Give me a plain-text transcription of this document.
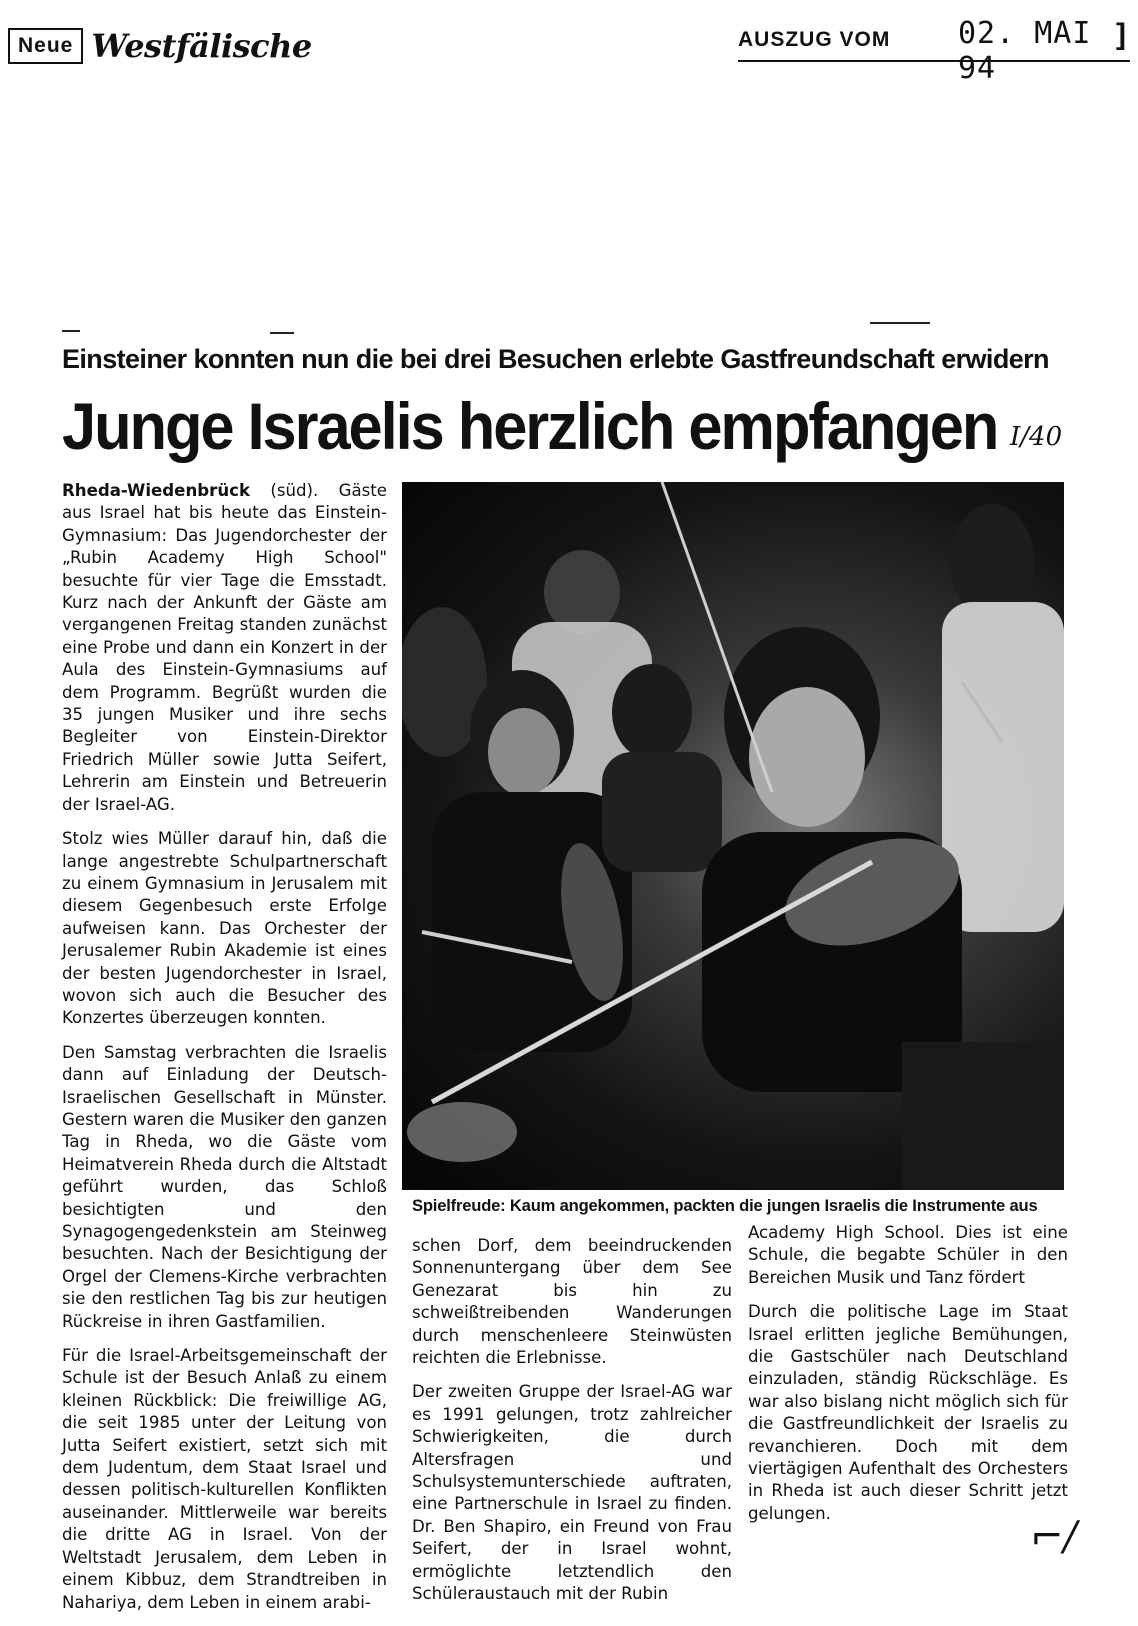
Neue Westfälische	AUSZUG VOM 02. MAI 94
]
Einsteiner konnten nun die bei drei Besuchen erlebte Gastfreundschaft erwidern
Junge Israelis herzlich empfangen I/40

Rheda-Wiedenbrück (süd). Gäste aus Israel hat bis heute das Einstein-Gymnasium: Das Jugendorchester der „Rubin Academy High School" besuchte für vier Tage die Emsstadt. Kurz nach der Ankunft der Gäste am vergangenen Freitag standen zunächst eine Probe und dann ein Konzert in der Aula des Einstein-Gymnasiums auf dem Programm. Begrüßt wurden die 35 jungen Musiker und ihre sechs Begleiter von Einstein-Direktor Friedrich Müller sowie Jutta Seifert, Lehrerin am Einstein und Betreuerin der Israel-AG.

Stolz wies Müller darauf hin, daß die lange angestrebte Schulpartnerschaft zu einem Gymnasium in Jerusalem mit diesem Gegenbesuch erste Erfolge aufweisen kann. Das Orchester der Jerusalemer Rubin Akademie ist eines der besten Jugendorchester in Israel, wovon sich auch die Besucher des Konzertes überzeugen konnten.

Den Samstag verbrachten die Israelis dann auf Einladung der Deutsch-Israelischen Gesellschaft in Münster. Gestern waren die Musiker den ganzen Tag in Rheda, wo die Gäste vom Heimatverein Rheda durch die Altstadt geführt wurden, das Schloß besichtigten und den Synagogengedenkstein am Steinweg besuchten. Nach der Besichtigung der Orgel der Clemens-Kirche verbrachten sie den restlichen Tag bis zur heutigen Rückreise in ihren Gastfamilien.

Für die Israel-Arbeitsgemeinschaft der Schule ist der Besuch Anlaß zu einem kleinen Rückblick: Die freiwillige AG, die seit 1985 unter der Leitung von Jutta Seifert existiert, setzt sich mit dem Judentum, dem Staat Israel und dessen politisch-kulturellen Konflikten auseinander. Mittlerweile war bereits die dritte AG in Israel. Von der Weltstadt Jerusalem, dem Leben in einem Kibbuz, dem Strandtreiben in Nahariya, dem Leben in einem arabi-

Spielfreude: Kaum angekommen, packten die jungen Israelis die Instrumente aus

schen Dorf, dem beeindruckenden Sonnenuntergang über dem See Genezarat bis hin zu schweißtreibenden Wanderungen durch menschenleere Steinwüsten reichten die Erlebnisse.

Der zweiten Gruppe der Israel-AG war es 1991 gelungen, trotz zahlreicher Schwierigkeiten, die durch Altersfragen und Schulsystemunterschiede auftraten, eine Partnerschule in Israel zu finden. Dr. Ben Shapiro, ein Freund von Frau Seifert, der in Israel wohnt, ermöglichte letztendlich den Schüleraustauch mit der Rubin

Academy High School. Dies ist eine Schule, die begabte Schüler in den Bereichen Musik und Tanz fördert

Durch die politische Lage im Staat Israel erlitten jegliche Bemühungen, die Gastschüler nach Deutschland einzuladen, ständig Rückschläge. Es war also bislang nicht möglich sich für die Gastfreundlichkeit der Israelis zu revanchieren. Doch mit dem viertägigen Aufenthalt des Orchesters in Rheda ist auch dieser Schritt jetzt gelungen.

⌐/
